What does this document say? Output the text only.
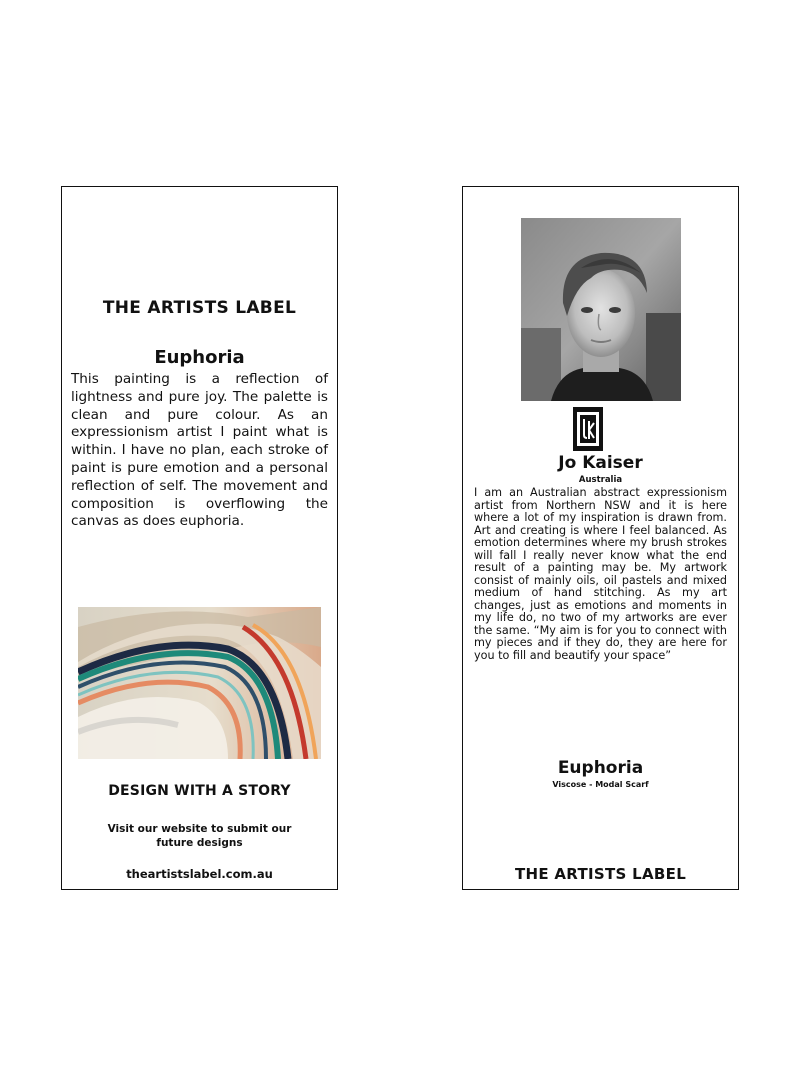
THE ARTISTS LABEL

Euphoria

This painting is a reflection of lightness and pure joy. The palette is clean and pure colour. As an expressionism artist I paint what is within. I have no plan, each stroke of paint is pure emotion and a personal reflection of self. The movement and composition is overflowing the canvas as does euphoria.

DESIGN WITH A STORY

Visit our website to submit our future designs

theartistslabel.com.au

Jo Kaiser

Australia

I am an Australian abstract expressionism artist from Northern NSW and it is here where a lot of my inspiration is drawn from. Art and creating is where I feel balanced. As emotion determines where my brush strokes will fall I really never know what the end result of a painting may be. My artwork consist of mainly oils, oil pastels and mixed medium of hand stitching. As my art changes, just as emotions and moments in my life do, no two of my artworks are ever the same. “My aim is for you to connect with my pieces and if they do, they are here for you to fill and beautify your space”

Euphoria

Viscose - Modal Scarf

THE ARTISTS LABEL
